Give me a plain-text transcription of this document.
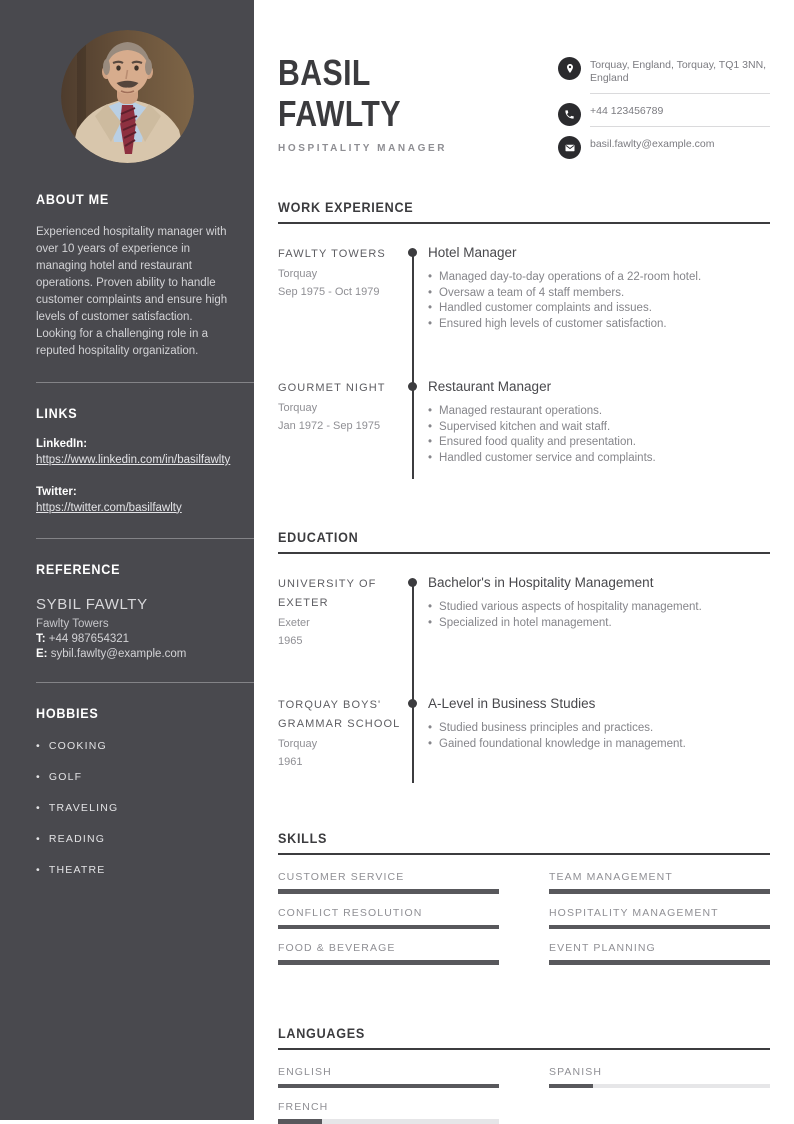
ABOUT ME

Experienced hospitality manager with over 10 years of experience in managing hotel and restaurant operations. Proven ability to handle customer complaints and ensure high levels of customer satisfaction. Looking for a challenging role in a reputed hospitality organization.

LINKS
LinkedIn:
https://www.linkedin.com/in/basilfawlty
Twitter:
https://twitter.com/basilfawlty
REFERENCE
SYBIL FAWLTY
Fawlty Towers
T: +44 987654321
E: sybil.fawlty@example.com
HOBBIES
• COOKING
• GOLF
• TRAVELING
• READING
• THEATRE
BASIL
FAWLTY
HOSPITALITY MANAGER
Torquay, England, Torquay, TQ1 3NN, England
+44 123456789
basil.fawlty@example.com
WORK EXPERIENCE
FAWLTY TOWERS
Torquay
Sep 1975 - Oct 1979
Hotel Manager
• Managed day-to-day operations of a 22-room hotel.
• Oversaw a team of 4 staff members.
• Handled customer complaints and issues.
• Ensured high levels of customer satisfaction.
GOURMET NIGHT
Torquay
Jan 1972 - Sep 1975
Restaurant Manager
• Managed restaurant operations.
• Supervised kitchen and wait staff.
• Ensured food quality and presentation.
• Handled customer service and complaints.
EDUCATION
UNIVERSITY OF EXETER
Exeter
1965
Bachelor's in Hospitality Management
• Studied various aspects of hospitality management.
• Specialized in hotel management.
TORQUAY BOYS' GRAMMAR SCHOOL
Torquay
1961
A-Level in Business Studies
• Studied business principles and practices.
• Gained foundational knowledge in management.
SKILLS
CUSTOMER SERVICE	TEAM MANAGEMENT
CONFLICT RESOLUTION	HOSPITALITY MANAGEMENT
FOOD & BEVERAGE	EVENT PLANNING
LANGUAGES
ENGLISH	SPANISH
FRENCH
